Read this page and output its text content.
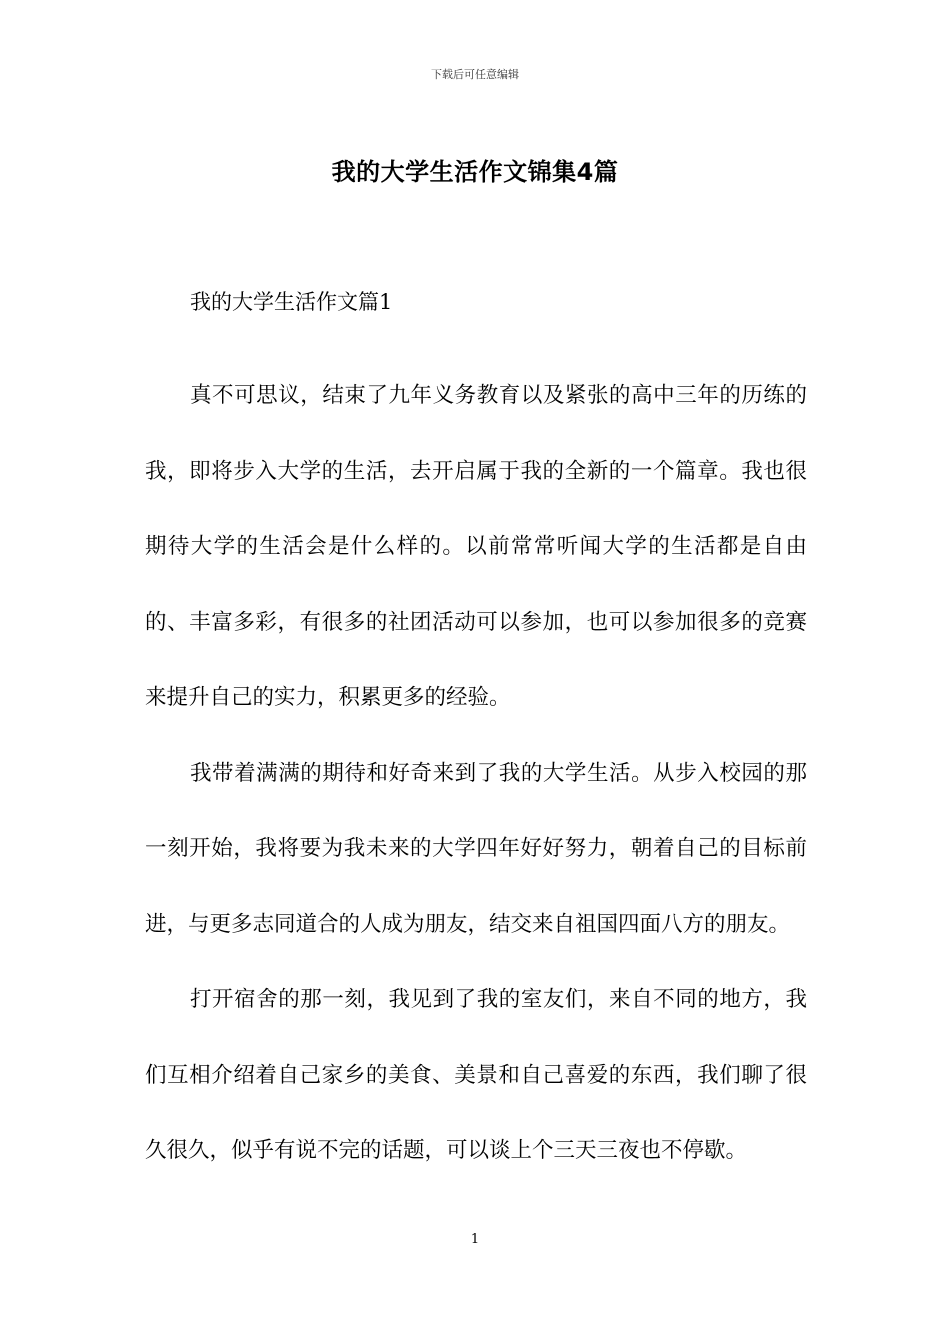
下载后可任意编辑
我的大学生活作文锦集4篇
我的大学生活作文篇1

真不可思议，结束了九年义务教育以及紧张的高中三年的历练的我，即将步入大学的生活，去开启属于我的全新的一个篇章。我也很期待大学的生活会是什么样的。以前常常听闻大学的生活都是自由的、丰富多彩，有很多的社团活动可以参加，也可以参加很多的竞赛来提升自己的实力，积累更多的经验。

我带着满满的期待和好奇来到了我的大学生活。从步入校园的那一刻开始，我将要为我未来的大学四年好好努力，朝着自己的目标前进，与更多志同道合的人成为朋友，结交来自祖国四面八方的朋友。

打开宿舍的那一刻，我见到了我的室友们，来自不同的地方，我们互相介绍着自己家乡的美食、美景和自己喜爱的东西，我们聊了很久很久，似乎有说不完的话题，可以谈上个三天三夜也不停歇。

1
